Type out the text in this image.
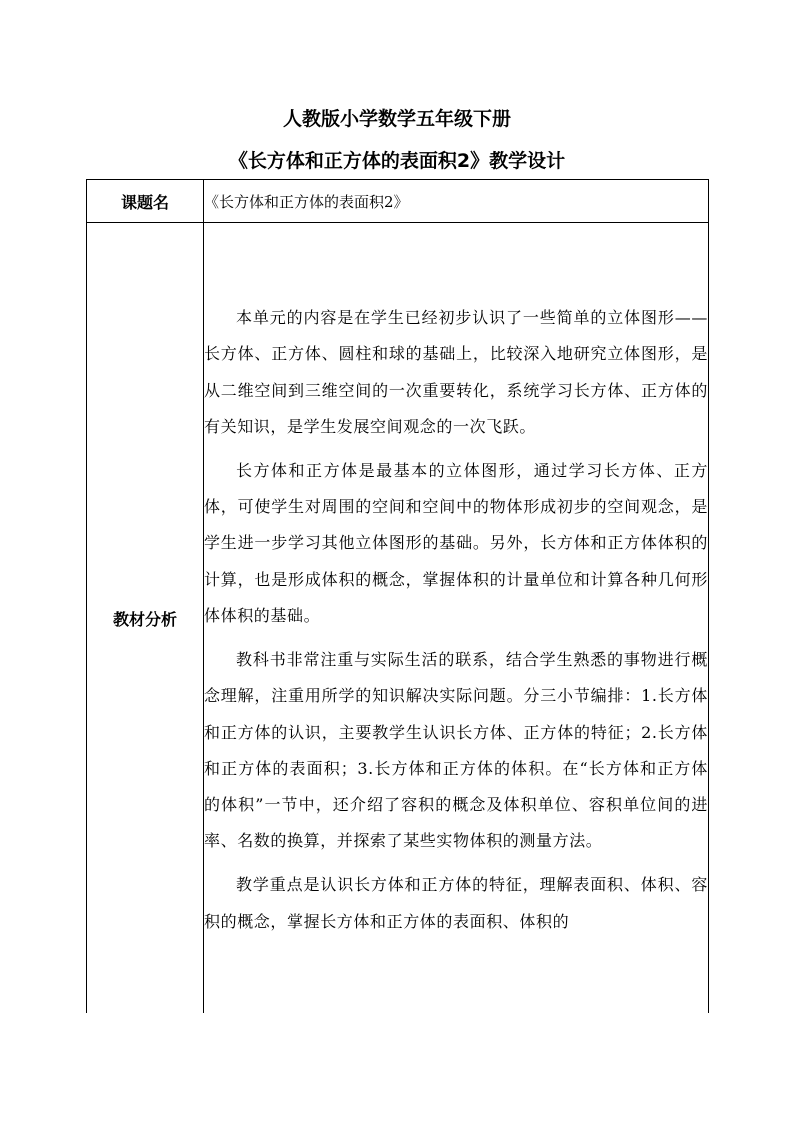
人教版小学数学五年级下册
《长方体和正方体的表面积2》教学设计
课题名	《长方体和正方体的表面积2》
教材分析	本单元的内容是在学生已经初步认识了一些简单的立体图形——长方体、正方体、圆柱和球的基础上，比较深入地研究立体图形，是从二维空间到三维空间的一次重要转化，系统学习长方体、正方体的有关知识，是学生发展空间观念的一次飞跃。

长方体和正方体是最基本的立体图形，通过学习长方体、正方体，可使学生对周围的空间和空间中的物体形成初步的空间观念，是学生进一步学习其他立体图形的基础。另外，长方体和正方体体积的计算，也是形成体积的概念，掌握体积的计量单位和计算各种几何形体体积的基础。

教科书非常注重与实际生活的联系，结合学生熟悉的事物进行概念理解，注重用所学的知识解决实际问题。分三小节编排：1.长方体和正方体的认识，主要教学生认识长方体、正方体的特征；2.长方体和正方体的表面积；3.长方体和正方体的体积。在“长方体和正方体的体积”一节中，还介绍了容积的概念及体积单位、容积单位间的进率、名数的换算，并探索了某些实物体积的测量方法。

教学重点是认识长方体和正方体的特征，理解表面积、体积、容积的概念，掌握长方体和正方体的表面积、体积的
